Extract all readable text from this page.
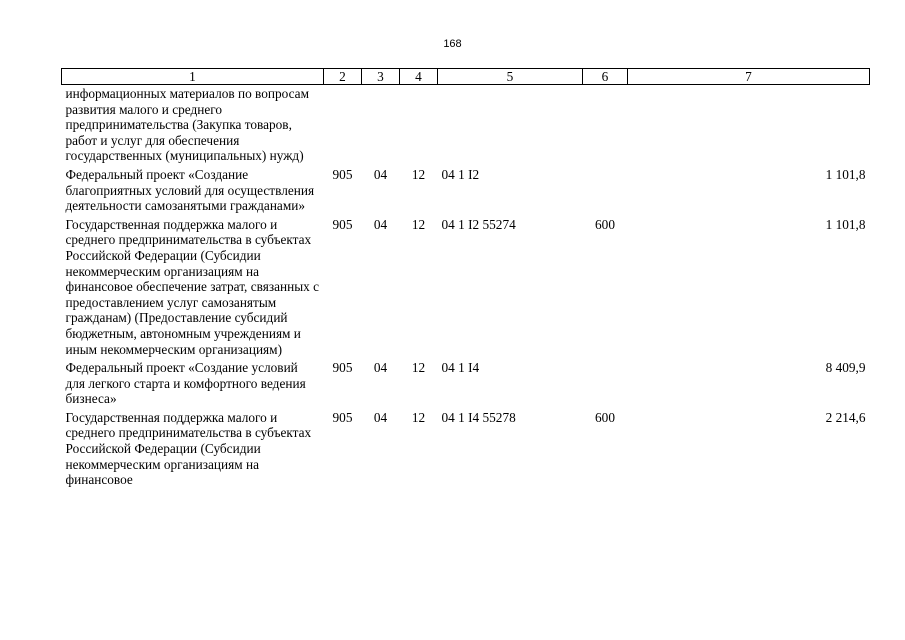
168
1	2	3	4	5	6	7
информационных материалов по вопросам развития малого и среднего предпринимательства (Закупка товаров, работ и услуг для обеспечения государственных (муниципальных) нужд)						
Федеральный проект «Создание благоприятных условий для осуществления деятельности самозанятыми гражданами»	905	04	12	04 1 I2		1 101,8
Государственная поддержка малого и среднего предпринимательства в субъектах Российской Федерации (Субсидии некоммерческим организациям на финансовое обеспечение затрат, связанных с предоставлением услуг самозанятым гражданам) (Предоставление субсидий бюджетным, автономным учреждениям и иным некоммерческим организациям)	905	04	12	04 1 I2 55274	600	1 101,8
Федеральный проект «Создание условий для легкого старта и комфортного ведения бизнеса»	905	04	12	04 1 I4		8 409,9
Государственная поддержка малого и среднего предпринимательства в субъектах Российской Федерации (Субсидии некоммерческим организациям на финансовое	905	04	12	04 1 I4 55278	600	2 214,6
